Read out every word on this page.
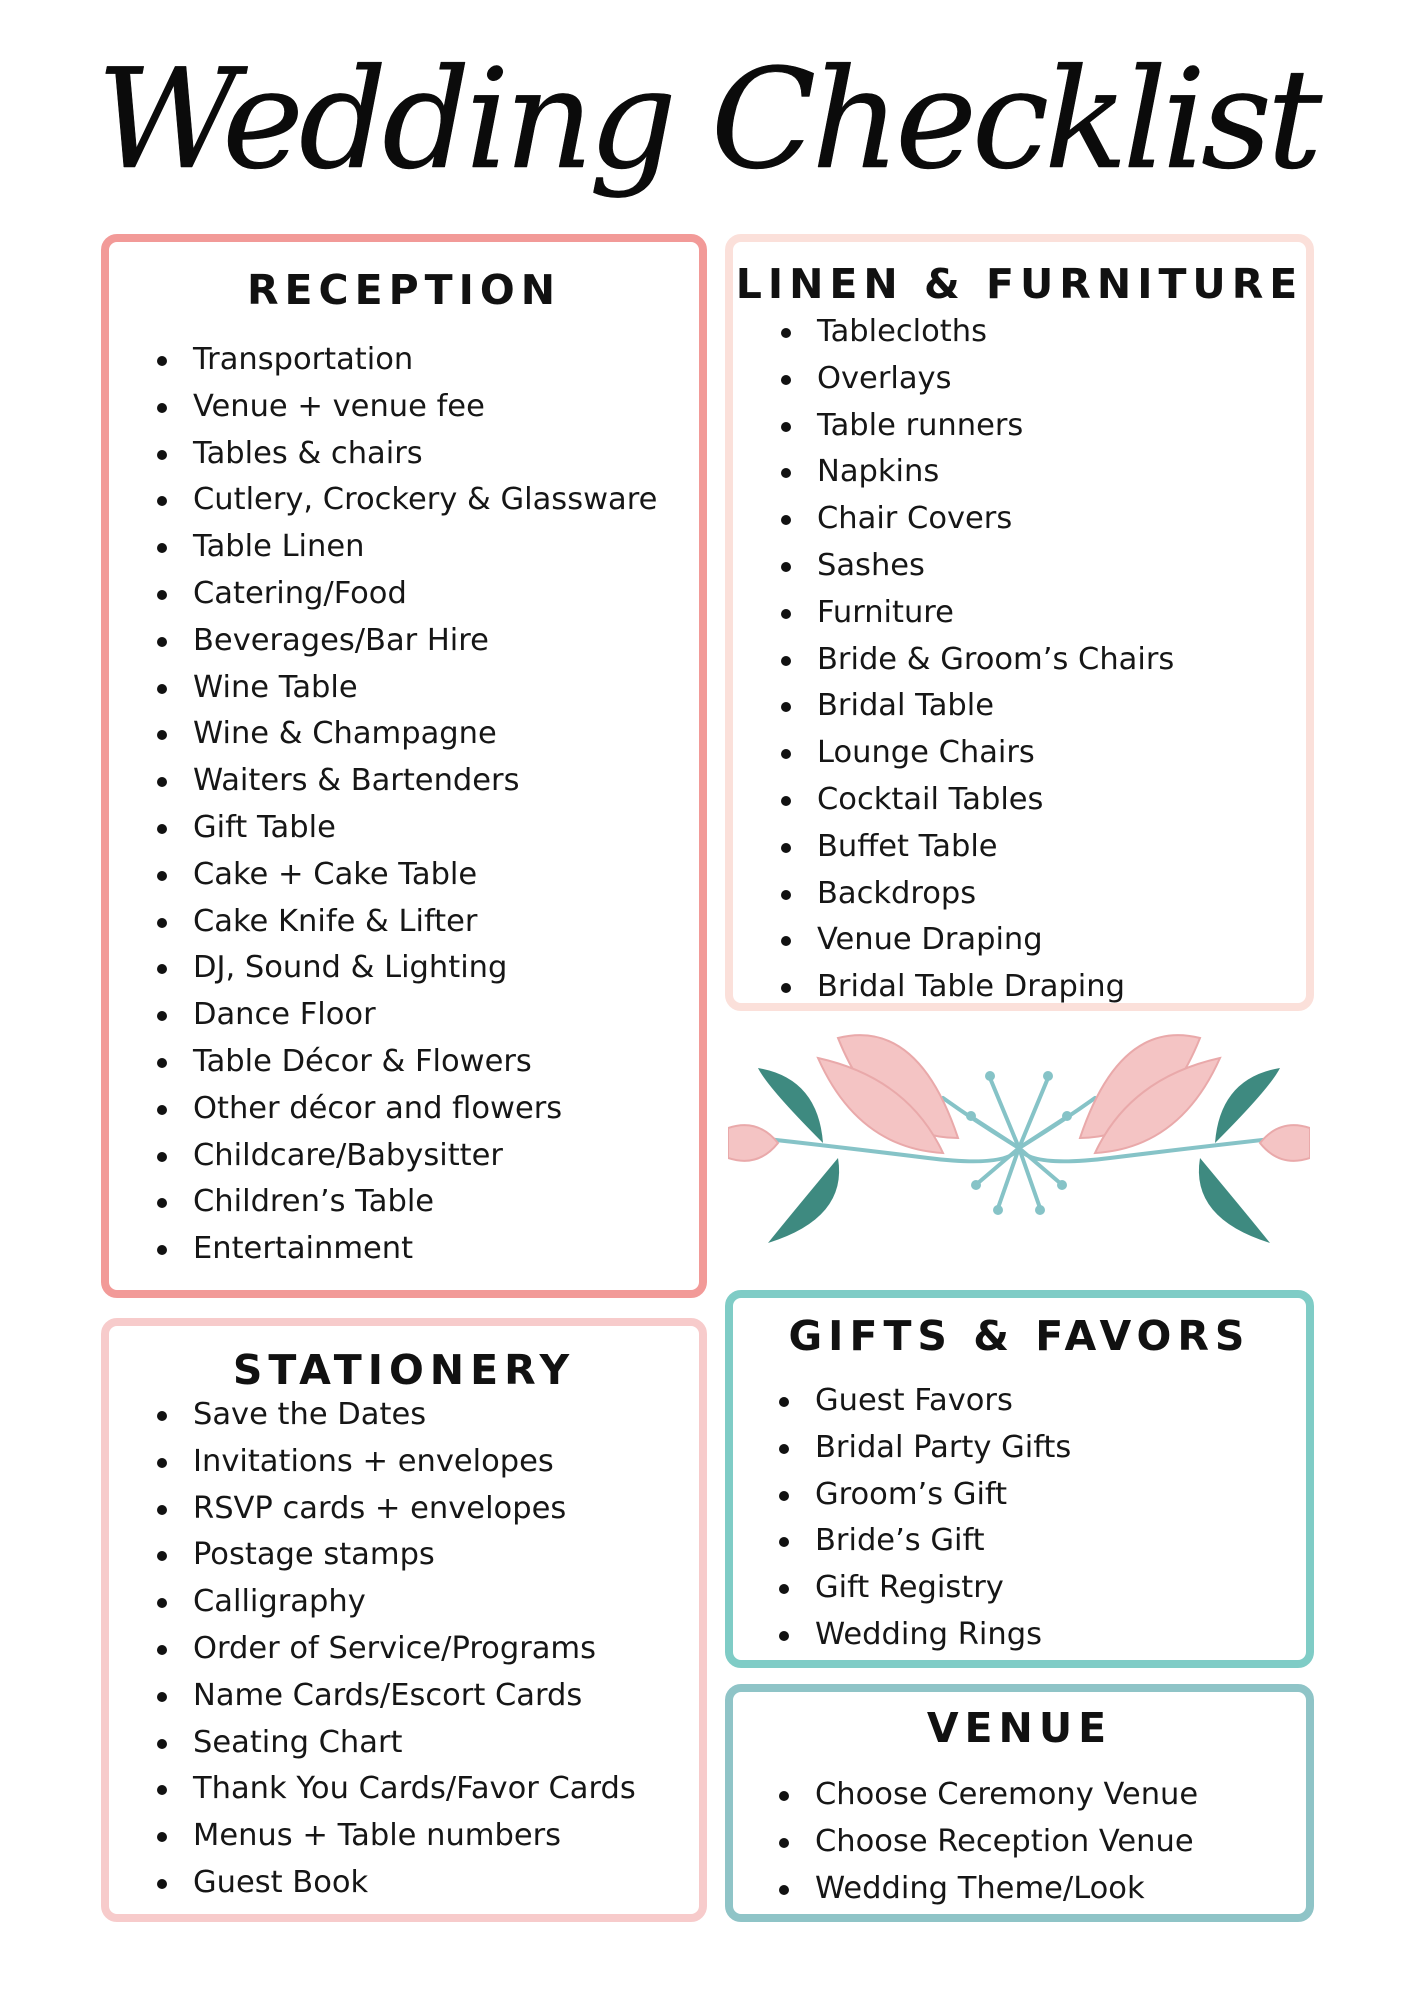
Wedding Checklist
RECEPTION
Transportation
Venue + venue fee
Tables & chairs
Cutlery, Crockery & Glassware
Table Linen
Catering/Food
Beverages/Bar Hire
Wine Table
Wine & Champagne
Waiters & Bartenders
Gift Table
Cake + Cake Table
Cake Knife & Lifter
DJ, Sound & Lighting
Dance Floor
Table Décor & Flowers
Other décor and flowers
Childcare/Babysitter
Children’s Table
Entertainment
LINEN & FURNITURE
Tablecloths
Overlays
Table runners
Napkins
Chair Covers
Sashes
Furniture
Bride & Groom’s Chairs
Bridal Table
Lounge Chairs
Cocktail Tables
Buffet Table
Backdrops
Venue Draping
Bridal Table Draping
STATIONERY
Save the Dates
Invitations + envelopes
RSVP cards + envelopes
Postage stamps
Calligraphy
Order of Service/Programs
Name Cards/Escort Cards
Seating Chart
Thank You Cards/Favor Cards
Menus + Table numbers
Guest Book
GIFTS & FAVORS
Guest Favors
Bridal Party Gifts
Groom’s Gift
Bride’s Gift
Gift Registry
Wedding Rings
VENUE
Choose Ceremony Venue
Choose Reception Venue
Wedding Theme/Look
